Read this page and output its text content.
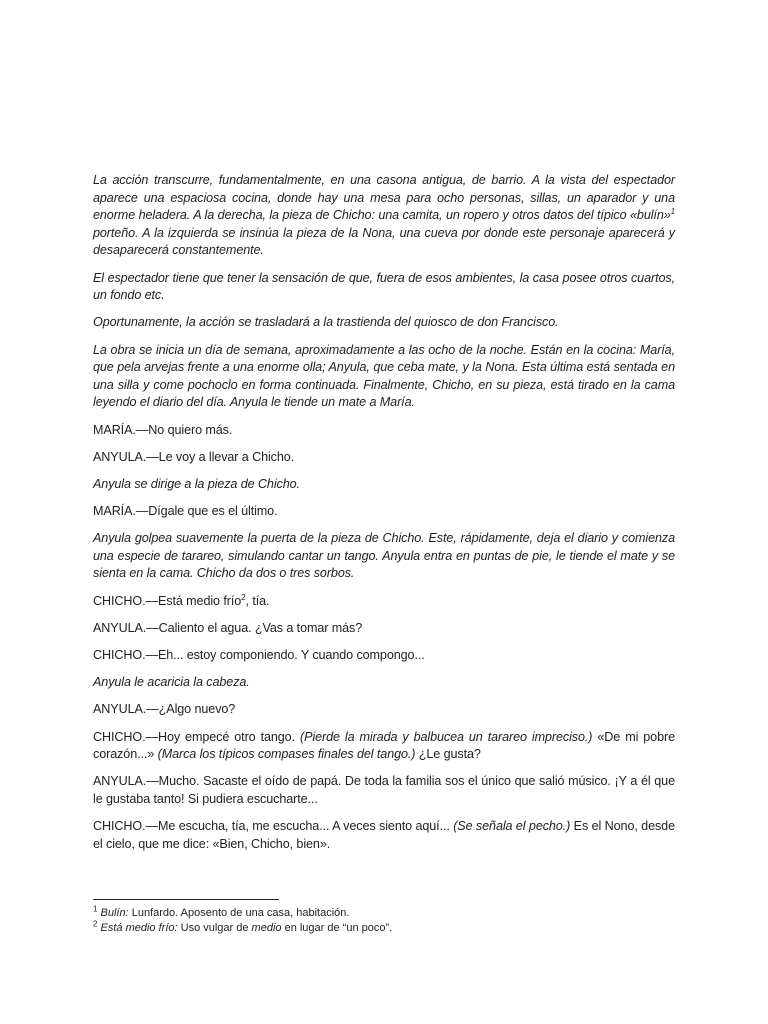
La acción transcurre, fundamentalmente, en una casona antigua, de barrio. A la vista del espectador aparece una espaciosa cocina, donde hay una mesa para ocho personas, sillas, un aparador y una enorme heladera. A la derecha, la pieza de Chicho: una camita, un ropero y otros datos del típico «bulín»$^1$ porteño. A la izquierda se insinúa la pieza de la Nona, una cueva por donde este personaje aparecerá y desaparecerá constantemente.

El espectador tiene que tener la sensación de que, fuera de esos ambientes, la casa posee otros cuartos, un fondo etc.

Oportunamente, la acción se trasladará a la trastienda del quiosco de don Francisco.

La obra se inicia un día de semana, aproximadamente a las ocho de la noche. Están en la cocina: María, que pela arvejas frente a una enorme olla; Anyula, que ceba mate, y la Nona. Esta última está sentada en una silla y come pochoclo en forma continuada. Finalmente, Chicho, en su pieza, está tirado en la cama leyendo el diario del día. Anyula le tiende un mate a María.

MARÍA.—No quiero más.

ANYULA.—Le voy a llevar a Chicho.

Anyula se dirige a la pieza de Chicho.

MARÍA.—Dígale que es el último.

Anyula golpea suavemente la puerta de la pieza de Chicho. Este, rápidamente, deja el diario y comienza una especie de tarareo, simulando cantar un tango. Anyula entra en puntas de pie, le tiende el mate y se sienta en la cama. Chicho da dos o tres sorbos.

CHICHO.—Está medio frío$^2$, tía.

ANYULA.—Caliento el agua. ¿Vas a tomar más?

CHICHO.—Eh... estoy componiendo. Y cuando compongo...

Anyula le acaricia la cabeza.

ANYULA.—¿Algo nuevo?

CHICHO.—Hoy empecé otro tango. (Pierde la mirada y balbucea un tarareo impreciso.) «De mi pobre corazón...» (Marca los típicos compases finales del tango.) ¿Le gusta?

ANYULA.—Mucho. Sacaste el oído de papá. De toda la familia sos el único que salió músico. ¡Y a él que le gustaba tanto! Si pudiera escucharte...

CHICHO.—Me escucha, tía, me escucha... A veces siento aquí... (Se señala el pecho.) Es el Nono, desde el cielo, que me dice: «Bien, Chicho, bien».

$^1$ Bulín: Lunfardo. Aposento de una casa, habitación.

$^2$ Está medio frío: Uso vulgar de medio en lugar de “un poco”.
